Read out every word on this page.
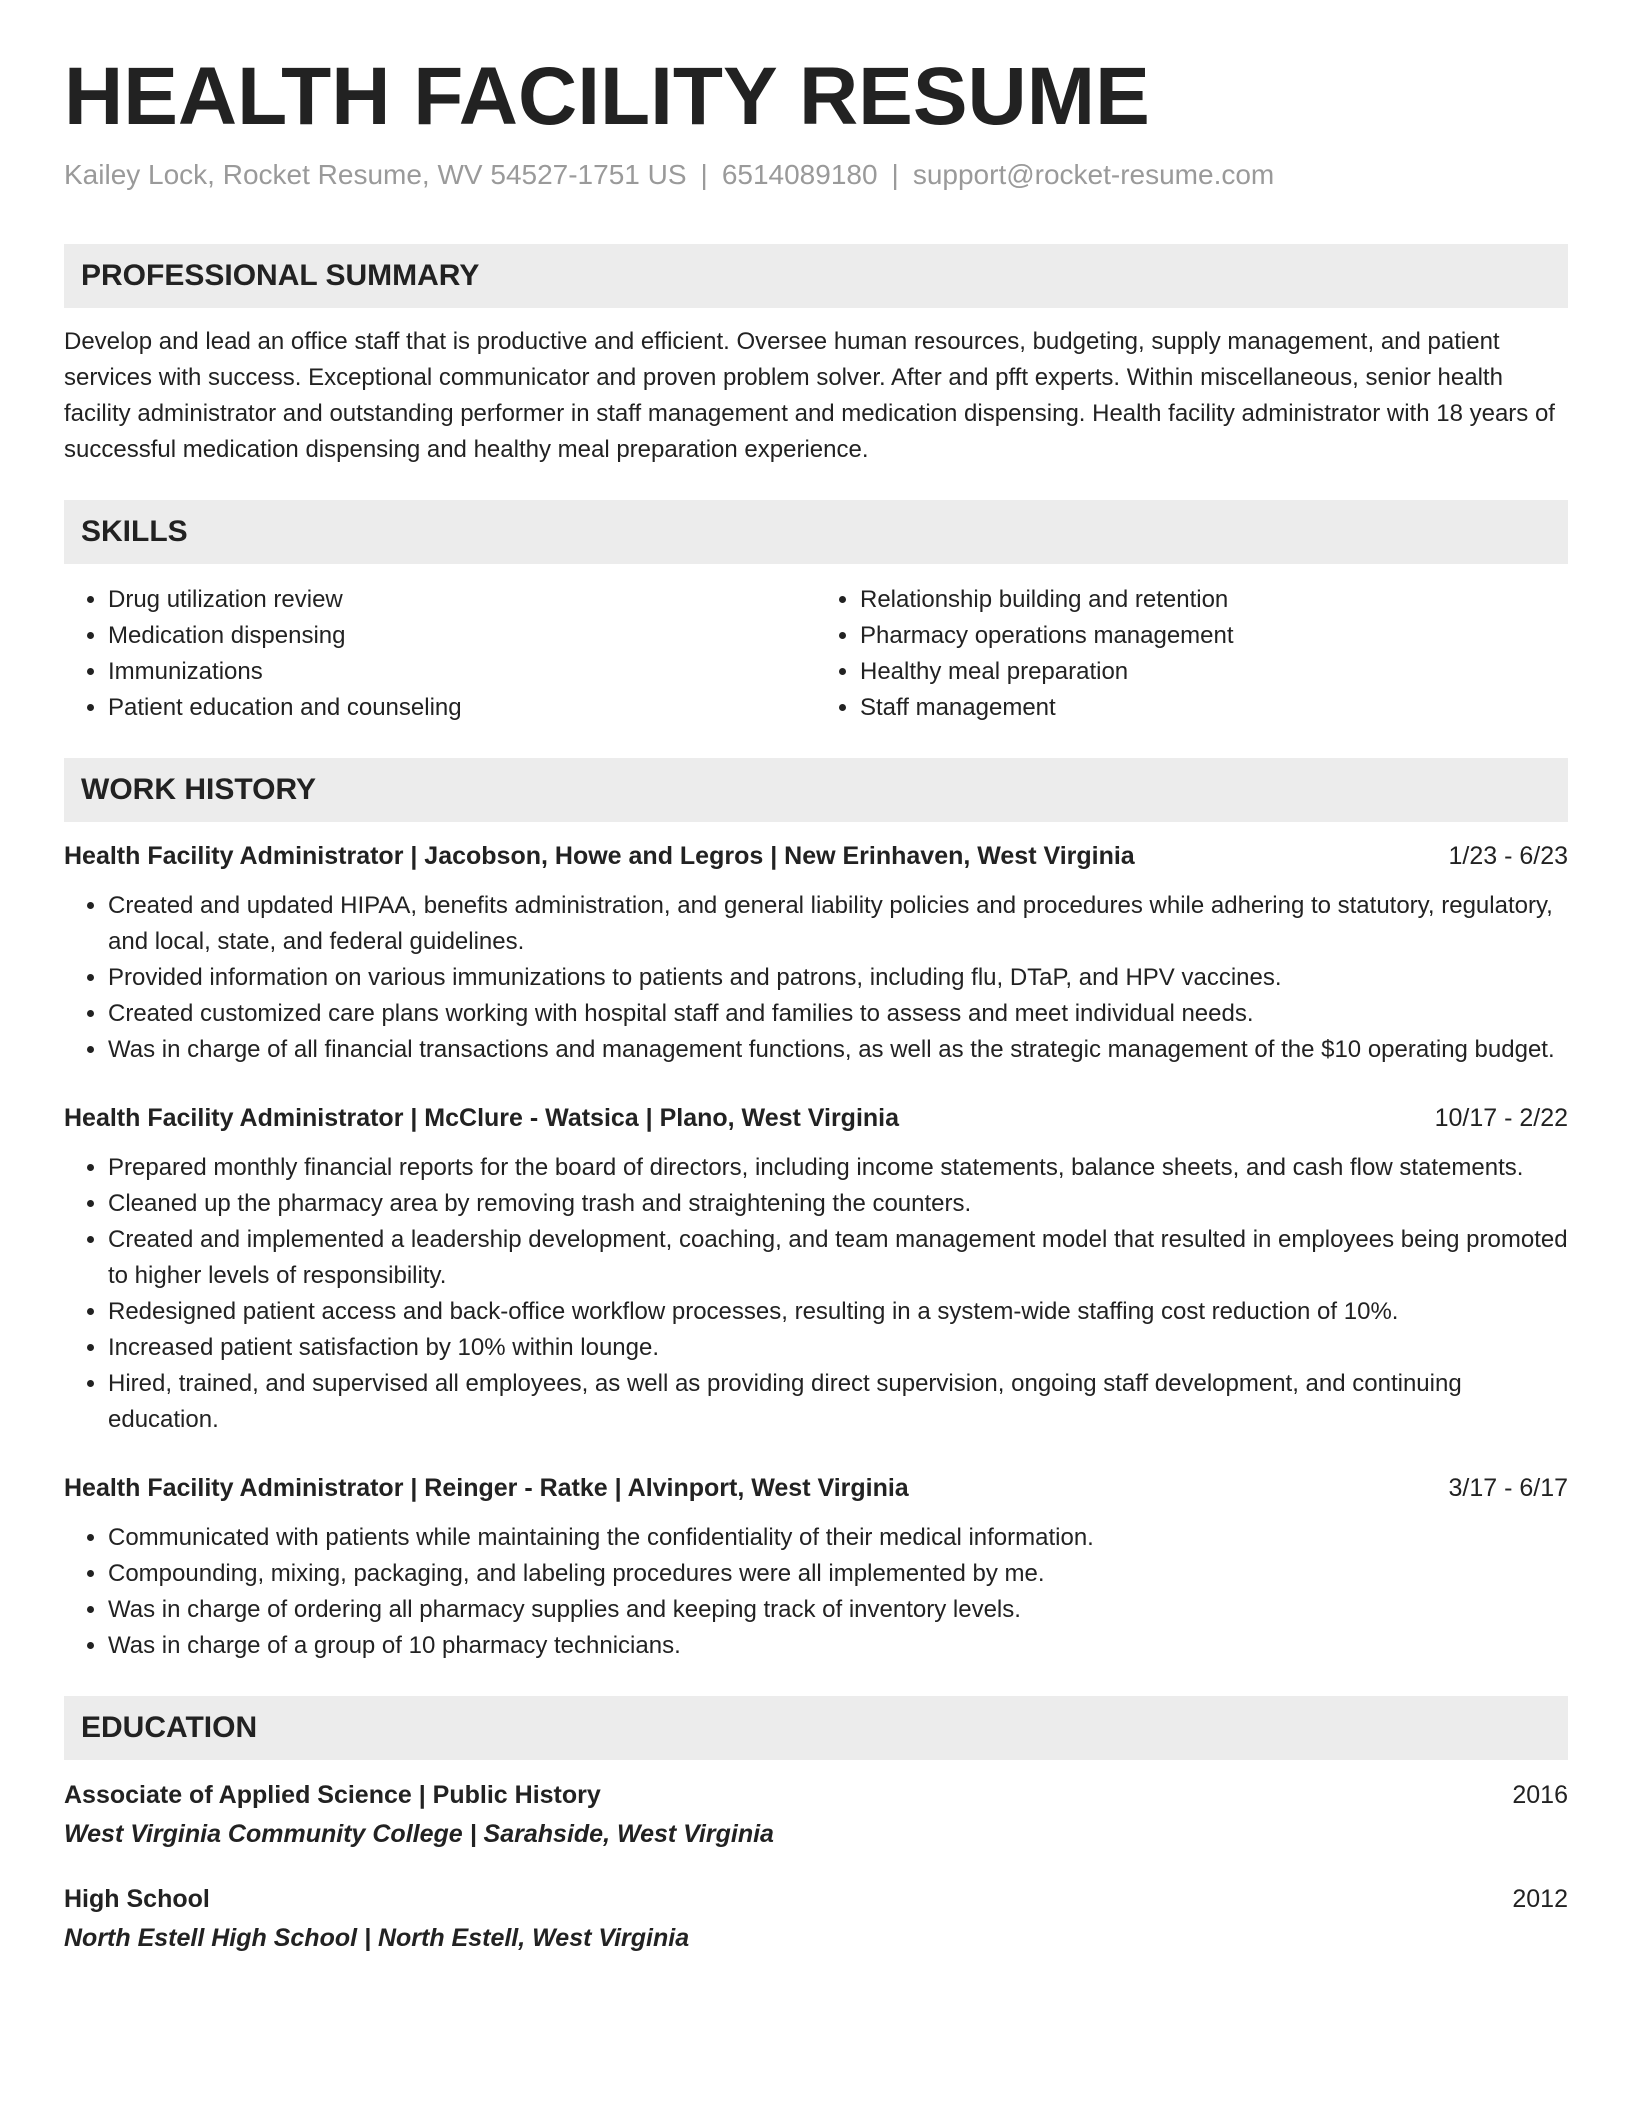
HEALTH FACILITY RESUME
Kailey Lock, Rocket Resume, WV 54527-1751 US | 6514089180 | support@rocket-resume.com
PROFESSIONAL SUMMARY
Develop and lead an office staff that is productive and efficient. Oversee human resources, budgeting, supply management, and patient services with success. Exceptional communicator and proven problem solver. After and pfft experts. Within miscellaneous, senior health facility administrator and outstanding performer in staff management and medication dispensing. Health facility administrator with 18 years of successful medication dispensing and healthy meal preparation experience.
SKILLS
• Drug utilization review
• Medication dispensing
• Immunizations
• Patient education and counseling
• Relationship building and retention
• Pharmacy operations management
• Healthy meal preparation
• Staff management
WORK HISTORY
Health Facility Administrator | Jacobson, Howe and Legros | New Erinhaven, West Virginia	1/23 - 6/23
• Created and updated HIPAA, benefits administration, and general liability policies and procedures while adhering to statutory, regulatory, and local, state, and federal guidelines.
• Provided information on various immunizations to patients and patrons, including flu, DTaP, and HPV vaccines.
• Created customized care plans working with hospital staff and families to assess and meet individual needs.
• Was in charge of all financial transactions and management functions, as well as the strategic management of the $10 operating budget.
Health Facility Administrator | McClure - Watsica | Plano, West Virginia	10/17 - 2/22
• Prepared monthly financial reports for the board of directors, including income statements, balance sheets, and cash flow statements.
• Cleaned up the pharmacy area by removing trash and straightening the counters.
• Created and implemented a leadership development, coaching, and team management model that resulted in employees being promoted to higher levels of responsibility.
• Redesigned patient access and back-office workflow processes, resulting in a system-wide staffing cost reduction of 10%.
• Increased patient satisfaction by 10% within lounge.
• Hired, trained, and supervised all employees, as well as providing direct supervision, ongoing staff development, and continuing education.
Health Facility Administrator | Reinger - Ratke | Alvinport, West Virginia	3/17 - 6/17
• Communicated with patients while maintaining the confidentiality of their medical information.
• Compounding, mixing, packaging, and labeling procedures were all implemented by me.
• Was in charge of ordering all pharmacy supplies and keeping track of inventory levels.
• Was in charge of a group of 10 pharmacy technicians.
EDUCATION
Associate of Applied Science | Public History	2016
West Virginia Community College | Sarahside, West Virginia
High School	2012
North Estell High School | North Estell, West Virginia
